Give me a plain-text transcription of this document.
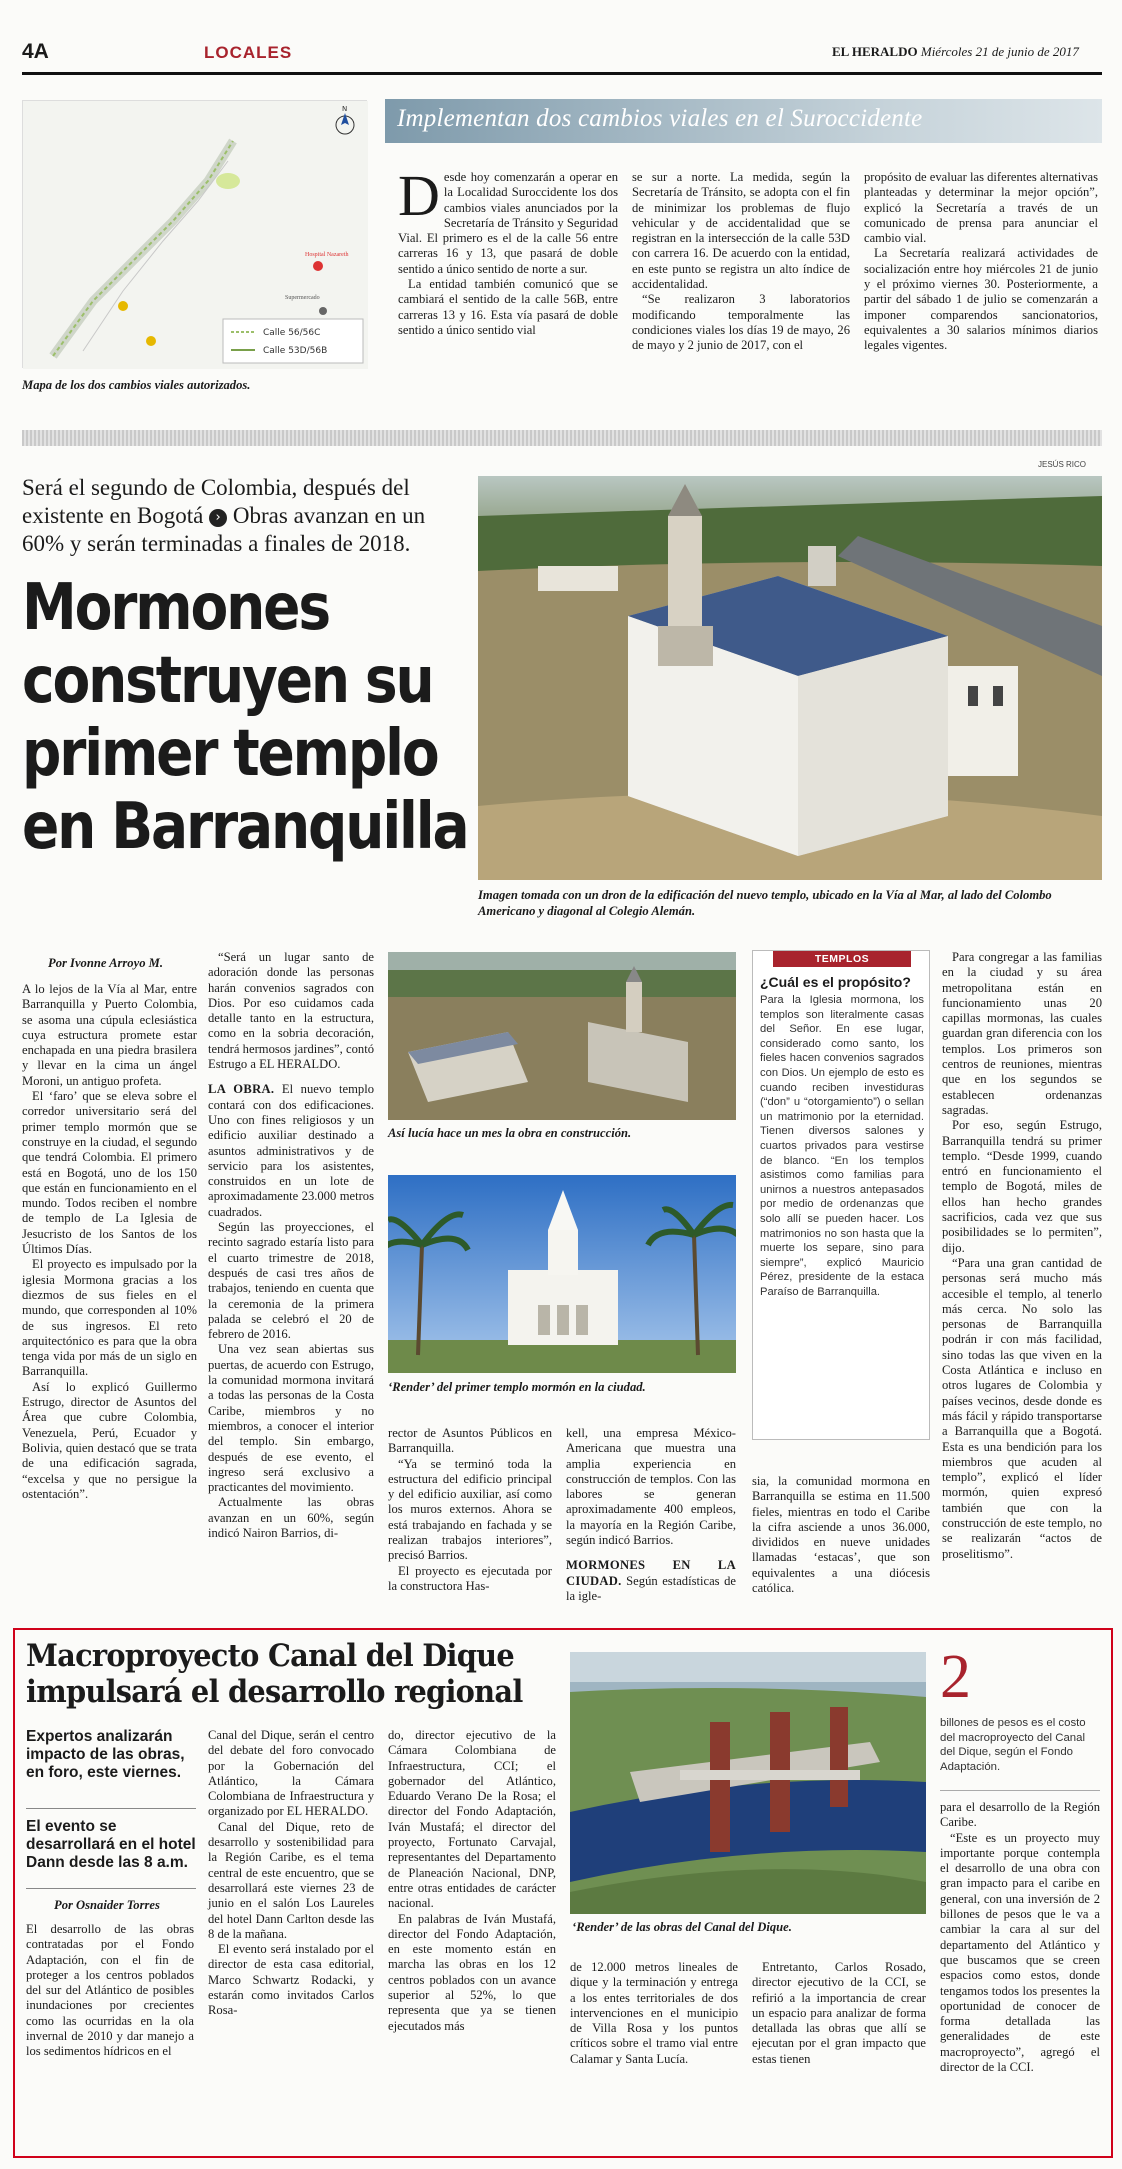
4A	LOCALES	EL HERALDO Miércoles 21 de junio de 2017
Hospital Nazareth
Supermercado
N
Calle 56/56C
Calle 53D/56B
Mapa de los dos cambios viales autorizados.
Implementan dos cambios viales en el Suroccidente

Desde hoy comenzarán a operar en la Localidad Suroccidente los dos cambios viales anunciados por la Secretaría de Tránsito y Seguridad Vial. El primero es el de la calle 56 entre carreras 16 y 13, que pasará de doble sentido a único sentido de norte a sur.

La entidad también comunicó que se cambiará el sentido de la calle 56B, entre carreras 13 y 16. Esta vía pasará de doble sentido a único sentido vial

se sur a norte. La medida, según la Secretaría de Tránsito, se adopta con el fin de minimizar los problemas de flujo vehicular y de accidentalidad que se registran en la intersección de la calle 53D con carrera 16. De acuerdo con la entidad, en este punto se registra un alto índice de accidentalidad.

“Se realizaron 3 laboratorios modificando temporalmente las condiciones viales los días 19 de mayo, 26 de mayo y 2 junio de 2017, con el

propósito de evaluar las diferentes alternativas planteadas y determinar la mejor opción”, explicó la Secretaría a través de un comunicado de prensa para anunciar el cambio vial.

La Secretaría realizará actividades de socialización entre hoy miércoles 21 de junio y el próximo viernes 30. Posteriormente, a partir del sábado 1 de julio se comenzarán a imponer comparendos sancionatorios, equivalentes a 30 salarios mínimos diarios legales vigentes.

JESÚS RICO
Será el segundo de Colombia, después del existente en Bogotá › Obras avanzan en un 60% y serán terminadas a finales de 2018.
Mormones construyen su primer templo en Barranquilla
Imagen tomada con un dron de la edificación del nuevo templo, ubicado en la Vía al Mar, al lado del Colombo Americano y diagonal al Colegio Alemán.
Por Ivonne Arroyo M.

A lo lejos de la Vía al Mar, entre Barranquilla y Puerto Colombia, se asoma una cúpula eclesiástica cuya estructura promete estar enchapada en una piedra brasilera y llevar en la cima un ángel Moroni, un antiguo profeta.

El ‘faro’ que se eleva sobre el corredor universitario será del primer templo mormón que se construye en la ciudad, el segundo que tendrá Colombia. El primero está en Bogotá, uno de los 150 que están en funcionamiento en el mundo. Todos reciben el nombre de templo de La Iglesia de Jesucristo de los Santos de los Últimos Días.

El proyecto es impulsado por la iglesia Mormona gracias a los diezmos de sus fieles en el mundo, que corresponden al 10% de sus ingresos. El reto arquitectónico es para que la obra tenga vida por más de un siglo en Barranquilla.

Así lo explicó Guillermo Estrugo, director de Asuntos del Área que cubre Colombia, Venezuela, Perú, Ecuador y Bolivia, quien destacó que se trata de una edificación sagrada, “excelsa y que no persigue la ostentación”.

“Será un lugar santo de adoración donde las personas harán convenios sagrados con Dios. Por eso cuidamos cada detalle tanto en la estructura, como en la sobria decoración, tendrá hermosos jardines”, contó Estrugo a EL HERALDO.

LA OBRA. El nuevo templo contará con dos edificaciones. Uno con fines religiosos y un edificio auxiliar destinado a asuntos administrativos y de servicio para los asistentes, construidos en un lote de aproximadamente 23.000 metros cuadrados.

Según las proyecciones, el recinto sagrado estaría listo para el cuarto trimestre de 2018, después de casi tres años de trabajos, teniendo en cuenta que la ceremonia de la primera palada se celebró el 20 de febrero de 2016.

Una vez sean abiertas sus puertas, de acuerdo con Estrugo, la comunidad mormona invitará a todas las personas de la Costa Caribe, miembros y no miembros, a conocer el interior del templo. Sin embargo, después de ese evento, el ingreso será exclusivo a practicantes del movimiento.

Actualmente las obras avanzan en un 60%, según indicó Nairon Barrios, di-

Así lucía hace un mes la obra en construcción.
‘Render’ del primer templo mormón en la ciudad.
TEMPLOS
¿Cuál es el propósito?
Para la Iglesia mormona, los templos son literalmente casas del Señor. En ese lugar, considerado como santo, los fieles hacen convenios sagrados con Dios. Un ejemplo de esto es cuando reciben investiduras (“don” u “otorgamiento”) o sellan un matrimonio por la eternidad. Tienen diversos salones y cuartos privados para vestirse de blanco. “En los templos asistimos como familias para unirnos a nuestros antepasados por medio de ordenanzas que solo allí se pueden hacer. Los matrimonios no son hasta que la muerte los separe, sino para siempre”, explicó Mauricio Pérez, presidente de la estaca Paraíso de Barranquilla.

Para congregar a las familias en la ciudad y su área metropolitana están en funcionamiento unas 20 capillas mormonas, las cuales guardan gran diferencia con los templos. Los primeros son centros de reuniones, mientras que en los segundos se establecen ordenanzas sagradas.

Por eso, según Estrugo, Barranquilla tendrá su primer templo. “Desde 1999, cuando entró en funcionamiento el templo de Bogotá, miles de ellos han hecho grandes sacrificios, cada vez que sus posibilidades se lo permiten”, dijo.

“Para una gran cantidad de personas será mucho más accesible el templo, al tenerlo más cerca. No solo las personas de Barranquilla podrán ir con más facilidad, sino todas las que viven en la Costa Atlántica e incluso en otros lugares de Colombia y países vecinos, desde donde es más fácil y rápido transportarse a Barranquilla que a Bogotá. Esta es una bendición para los miembros que acuden al templo”, explicó el líder mormón, quien expresó también que con la construcción de este templo, no se realizarán “actos de proselitismo”.

rector de Asuntos Públicos en Barranquilla.

“Ya se terminó toda la estructura del edificio principal y del edificio auxiliar, así como los muros externos. Ahora se está trabajando en fachada y se realizan trabajos interiores”, precisó Barrios.

El proyecto es ejecutada por la constructora Has-

kell, una empresa México-Americana que muestra una amplia experiencia en construcción de templos. Con las labores se generan aproximadamente 400 empleos, la mayoría en la Región Caribe, según indicó Barrios.

MORMONES EN LA CIUDAD. Según estadísticas de la igle-

sia, la comunidad mormona en Barranquilla se estima en 11.500 fieles, mientras en todo el Caribe la cifra asciende a unos 36.000, divididos en nueve unidades llamadas ‘estacas’, que son equivalentes a una diócesis católica.

Macroproyecto Canal del Dique impulsará el desarrollo regional
Expertos analizarán impacto de las obras, en foro, este viernes.
El evento se desarrollará en el hotel Dann desde las 8 a.m.
Por Osnaider Torres

El desarrollo de las obras contratadas por el Fondo Adaptación, con el fin de proteger a los centros poblados del sur del Atlántico de posibles inundaciones por crecientes como las ocurridas en la ola invernal de 2010 y dar manejo a los sedimentos hídricos en el

Canal del Dique, serán el centro del debate del foro convocado por la Gobernación del Atlántico, la Cámara Colombiana de Infraestructura y organizado por EL HERALDO.

Canal del Dique, reto de desarrollo y sostenibilidad para la Región Caribe, es el tema central de este encuentro, que se desarrollará este viernes 23 de junio en el salón Los Laureles del hotel Dann Carlton desde las 8 de la mañana.

El evento será instalado por el director de esta casa editorial, Marco Schwartz Rodacki, y estarán como invitados Carlos Rosa-

do, director ejecutivo de la Cámara Colombiana de Infraestructura, CCI; el gobernador del Atlántico, Eduardo Verano De la Rosa; el director del Fondo Adaptación, Iván Mustafá; el director del proyecto, Fortunato Carvajal, representantes del Departamento de Planeación Nacional, DNP, entre otras entidades de carácter nacional.

En palabras de Iván Mustafá, director del Fondo Adaptación, en este momento están en marcha las obras en los 12 centros poblados con un avance superior al 52%, lo que representa que ya se tienen ejecutados más

‘Render’ de las obras del Canal del Dique.

de 12.000 metros lineales de dique y la terminación y entrega a los entes territoriales de dos intervenciones en el municipio de Villa Rosa y los puntos críticos sobre el tramo vial entre Calamar y Santa Lucía.

Entretanto, Carlos Rosado, director ejecutivo de la CCI, se refirió a la importancia de crear un espacio para analizar de forma detallada las obras que allí se ejecutan por el gran impacto que estas tienen

2
billones de pesos es el costo del macroproyecto del Canal del Dique, según el Fondo Adaptación.

para el desarrollo de la Región Caribe.

“Este es un proyecto muy importante porque contempla el desarrollo de una obra con gran impacto para el caribe en general, con una inversión de 2 billones de pesos que le va a cambiar la cara al sur del departamento del Atlántico y que buscamos que se creen espacios como estos, donde tengamos todos los presentes la oportunidad de conocer de forma detallada las generalidades de este macroproyecto”, agregó el director de la CCI.
